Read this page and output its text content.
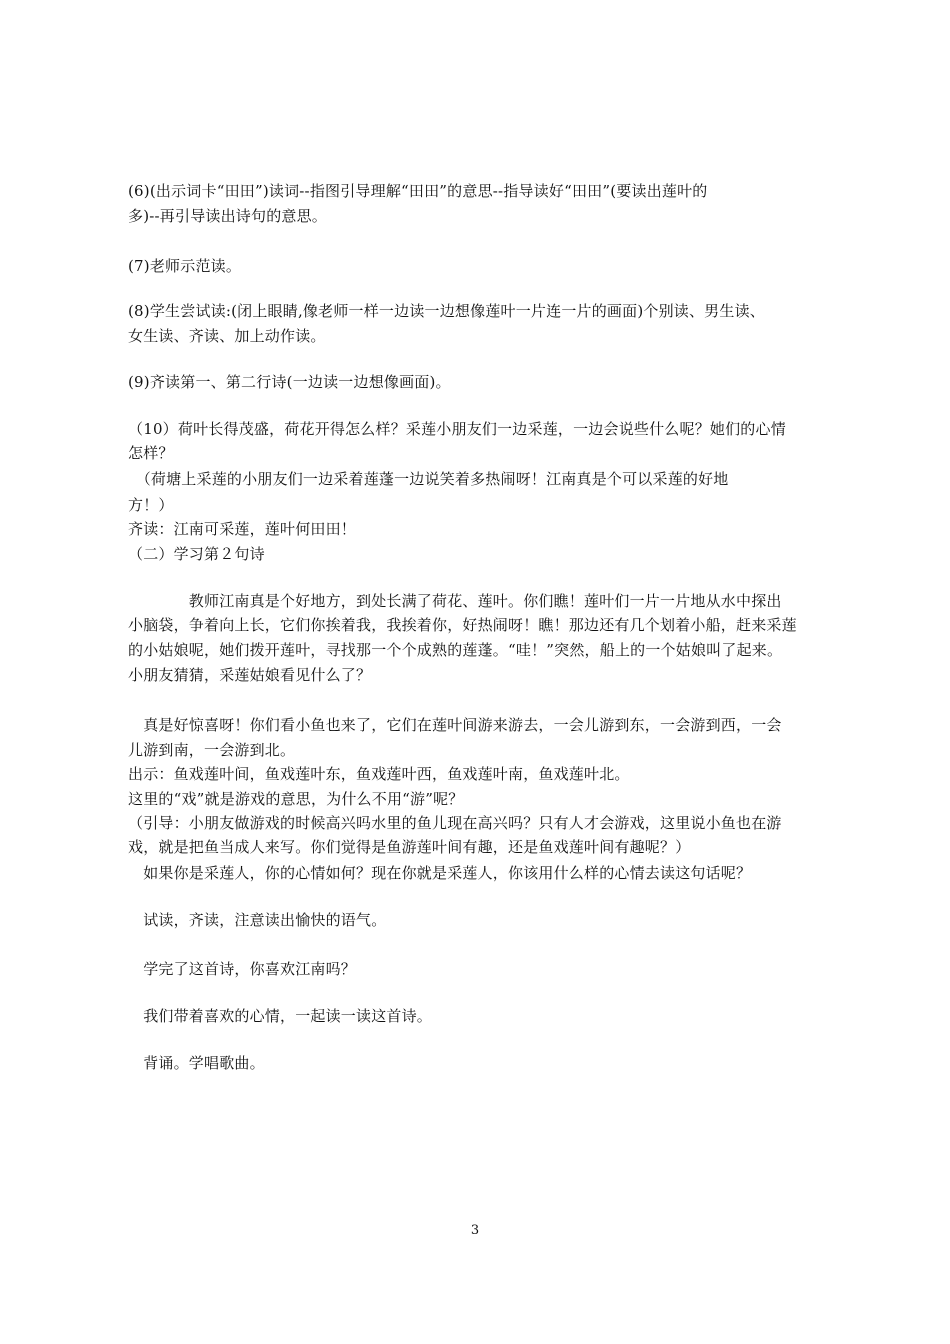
(6)(出示词卡“田田”)读词--指图引导理解“田田”的意思--指导读好“田田”(要读出莲叶的
多)--再引导读出诗句的意思。
(7)老师示范读。
(8)学生尝试读:(闭上眼睛,像老师一样一边读一边想像莲叶一片连一片的画面)个别读、男生读、
女生读、齐读、加上动作读。
(9)齐读第一、第二行诗(一边读一边想像画面)。
（10）荷叶长得茂盛，荷花开得怎么样？采莲小朋友们一边采莲，一边会说些什么呢？她们的心情
怎样？
　（荷塘上采莲的小朋友们一边采着莲蓬一边说笑着多热闹呀！江南真是个可以采莲的好地
方！）
齐读：江南可采莲，莲叶何田田！
（二）学习第２句诗
　　　　教师江南真是个好地方，到处长满了荷花、莲叶。你们瞧！莲叶们一片一片地从水中探出
小脑袋，争着向上长，它们你挨着我，我挨着你，好热闹呀！瞧！那边还有几个划着小船，赶来采莲
的小姑娘呢，她们拨开莲叶，寻找那一个个成熟的莲蓬。“哇！”突然，船上的一个姑娘叫了起来。
小朋友猜猜，采莲姑娘看见什么了？
　真是好惊喜呀！你们看小鱼也来了，它们在莲叶间游来游去，一会儿游到东，一会游到西，一会
儿游到南，一会游到北。
出示：鱼戏莲叶间，鱼戏莲叶东，鱼戏莲叶西，鱼戏莲叶南，鱼戏莲叶北。
这里的“戏”就是游戏的意思，为什么不用“游”呢？
（引导：小朋友做游戏的时候高兴吗水里的鱼儿现在高兴吗？只有人才会游戏，这里说小鱼也在游
戏，就是把鱼当成人来写。你们觉得是鱼游莲叶间有趣，还是鱼戏莲叶间有趣呢？）
　如果你是采莲人，你的心情如何？现在你就是采莲人，你该用什么样的心情去读这句话呢？
　试读，齐读，注意读出愉快的语气。
　学完了这首诗，你喜欢江南吗？
　我们带着喜欢的心情，一起读一读这首诗。
　背诵。学唱歌曲。
3
